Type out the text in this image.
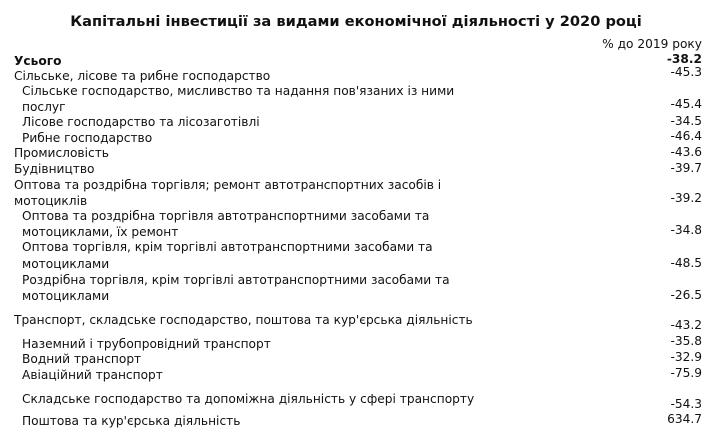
Капітальні інвестиції за видами економічної діяльності у 2020 році
% до 2019 року
Усього	-38.2
Сільське, лісове та рибне господарство	-45.3
Сільське господарство, мисливство та надання пов'язаних із ними
послуг	-45.4
Лісове господарство та лісозаготівлі	-34.5
Рибне господарство	-46.4
Промисловість	-43.6
Будівництво	-39.7
Оптова та роздрібна торгівля; ремонт автотранспортних засобів і
мотоциклів	-39.2
Оптова та роздрібна торгівля автотранспортними засобами та
мотоциклами, їх ремонт	-34.8
Оптова торгівля, крім торгівлі автотранспортними засобами та
мотоциклами	-48.5
Роздрібна торгівля, крім торгівлі автотранспортними засобами та
мотоциклами	-26.5
Транспорт, складське господарство, поштова та кур'єрська діяльність	-43.2
Наземний і трубопровідний транспорт	-35.8
Водний транспорт	-32.9
Авіаційний транспорт	-75.9
Складське господарство та допоміжна діяльність у сфері транспорту	-54.3
Поштова та кур'єрська діяльність	634.7
